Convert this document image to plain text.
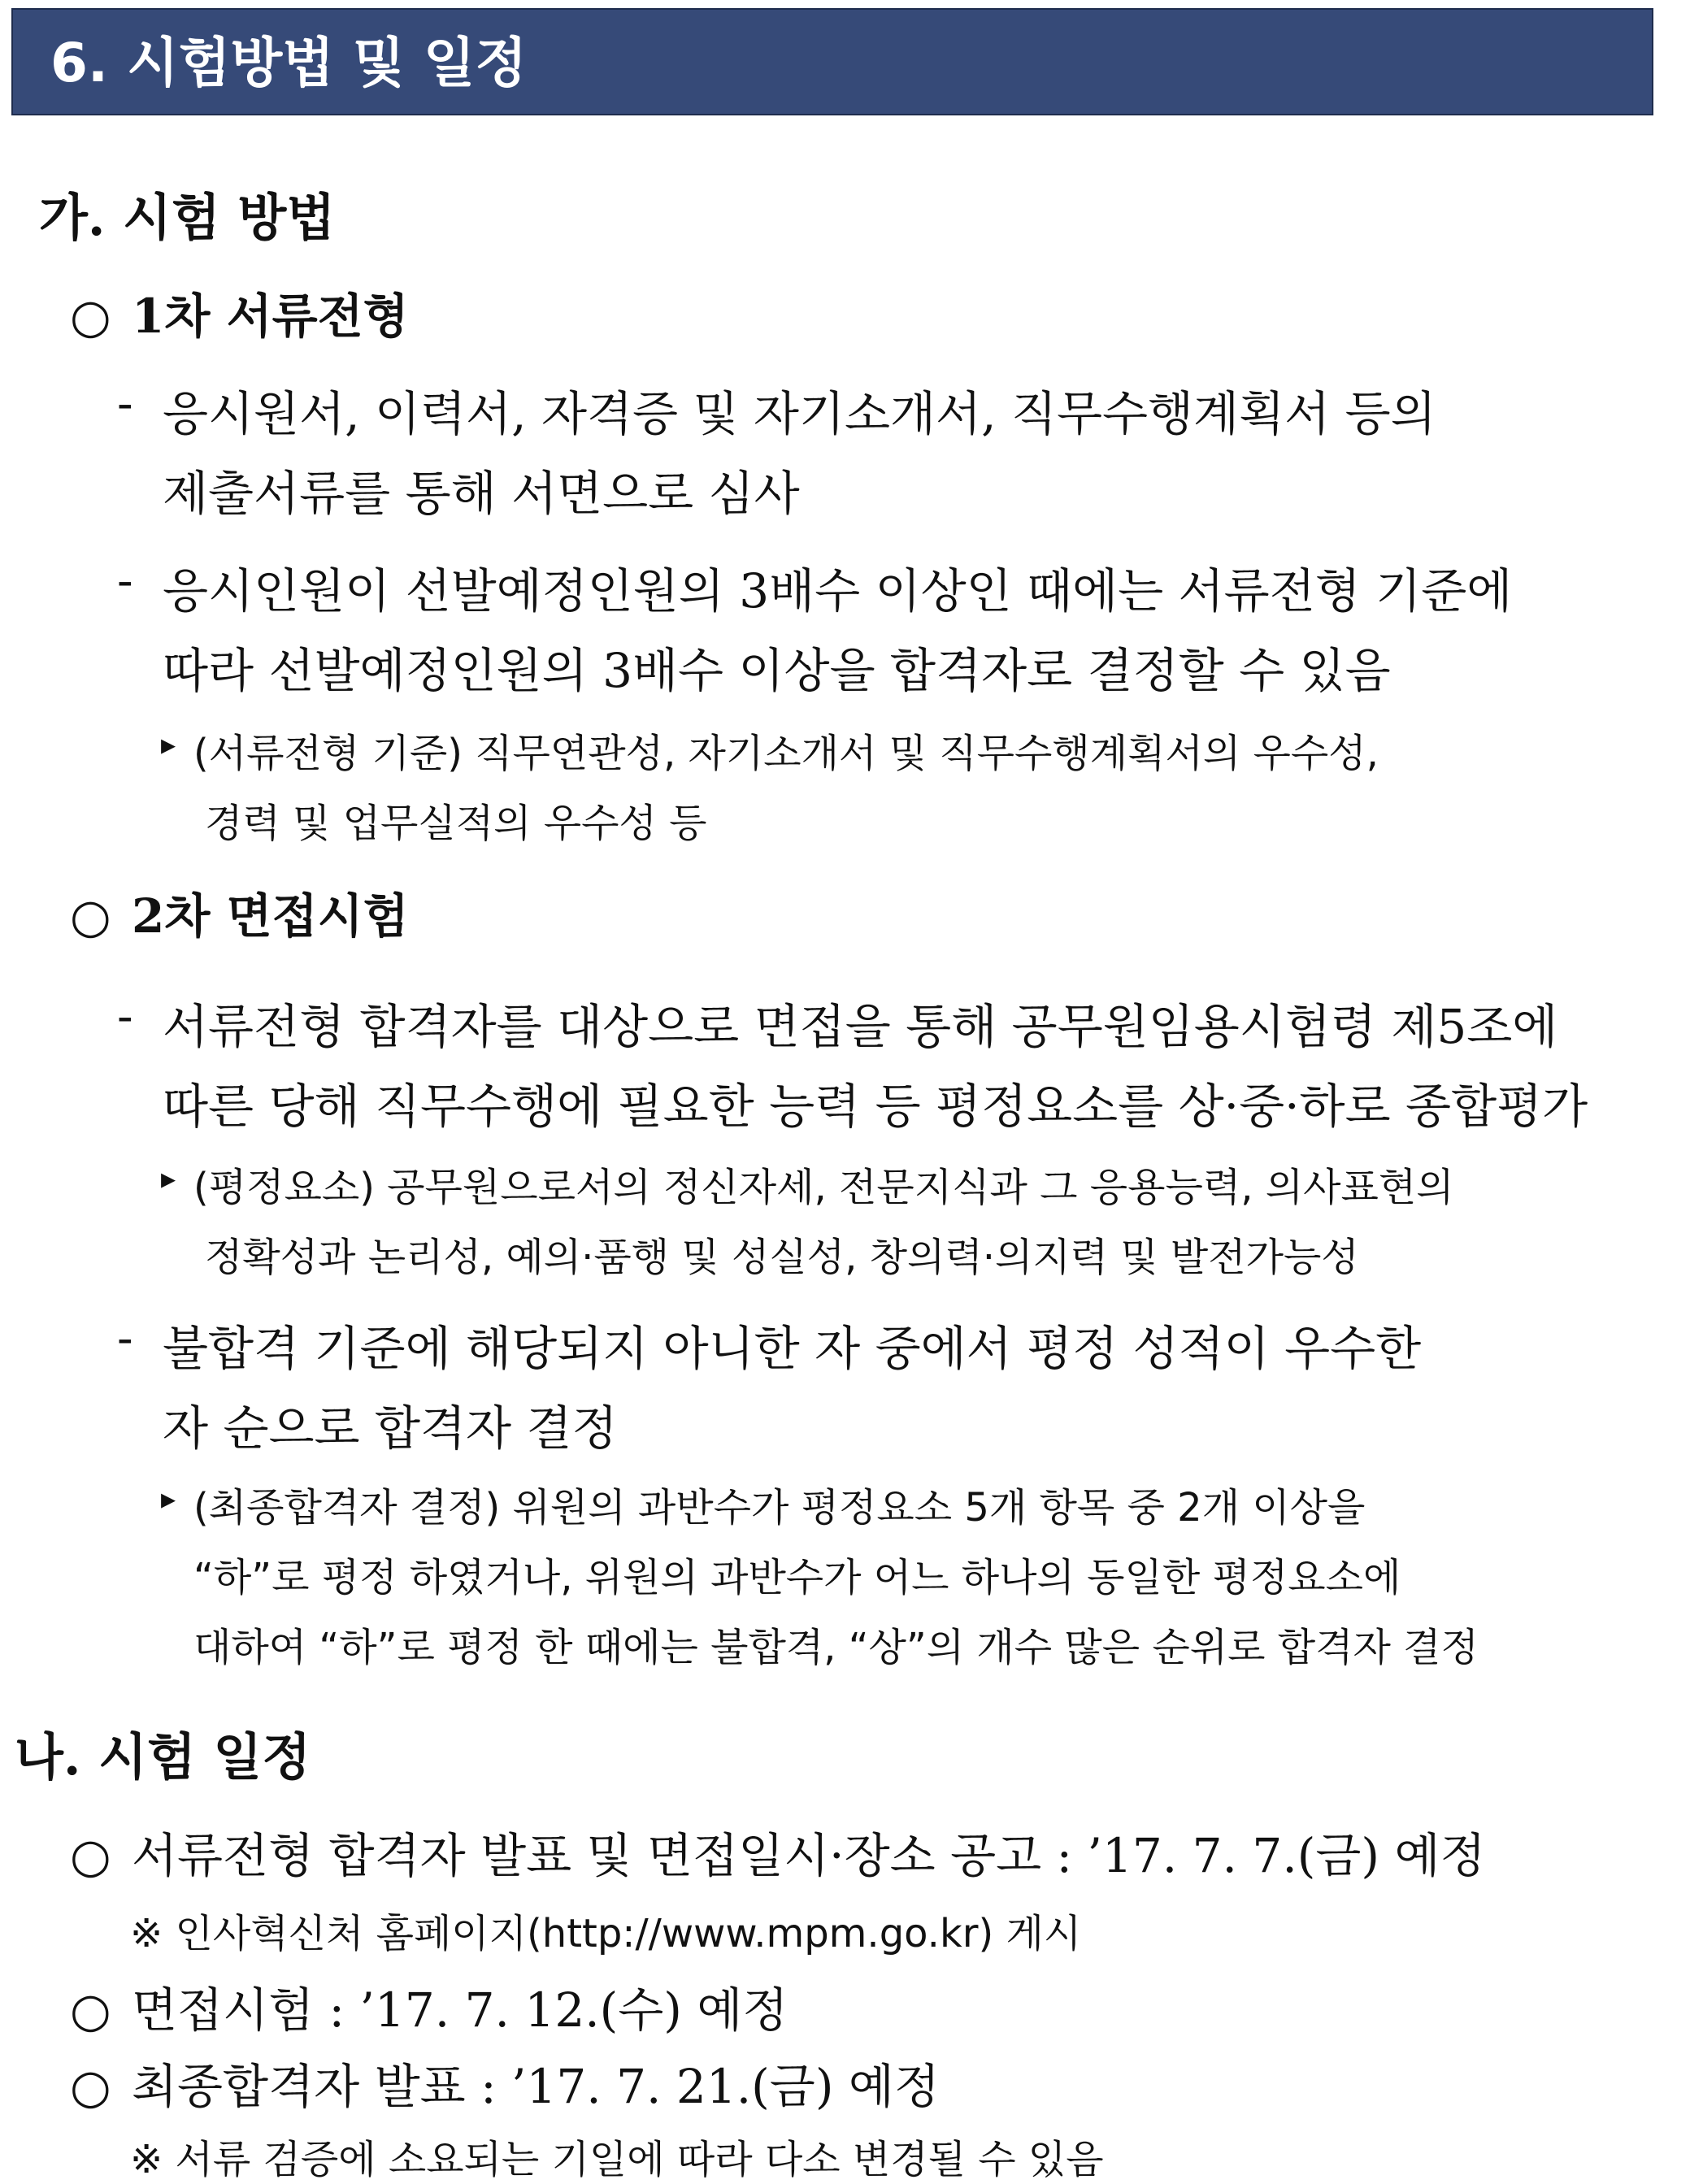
6. 시험방법 및 일정
가. 시험 방법
○ 1차 서류전형
- 응시원서, 이력서, 자격증 및 자기소개서, 직무수행계획서 등의
제출서류를 통해 서면으로 심사
- 응시인원이 선발예정인원의 3배수 이상인 때에는 서류전형 기준에
따라 선발예정인원의 3배수 이상을 합격자로 결정할 수 있음
▸ (서류전형 기준) 직무연관성, 자기소개서 및 직무수행계획서의 우수성,
경력 및 업무실적의 우수성 등
○ 2차 면접시험
- 서류전형 합격자를 대상으로 면접을 통해 공무원임용시험령 제5조에
따른 당해 직무수행에 필요한 능력 등 평정요소를 상·중·하로 종합평가
▸ (평정요소) 공무원으로서의 정신자세, 전문지식과 그 응용능력, 의사표현의
정확성과 논리성, 예의·품행 및 성실성, 창의력·의지력 및 발전가능성
- 불합격 기준에 해당되지 아니한 자 중에서 평정 성적이 우수한
자 순으로 합격자 결정
▸ (최종합격자 결정) 위원의 과반수가 평정요소 5개 항목 중 2개 이상을
“하”로 평정 하였거나, 위원의 과반수가 어느 하나의 동일한 평정요소에
대하여 “하”로 평정 한 때에는 불합격, “상”의 개수 많은 순위로 합격자 결정
나. 시험 일정
○ 서류전형 합격자 발표 및 면접일시·장소 공고 : ’17. 7. 7.(금) 예정
※ 인사혁신처 홈페이지(http://www.mpm.go.kr) 게시
○ 면접시험 : ’17. 7. 12.(수) 예정
○ 최종합격자 발표 : ’17. 7. 21.(금) 예정
※ 서류 검증에 소요되는 기일에 따라 다소 변경될 수 있음
